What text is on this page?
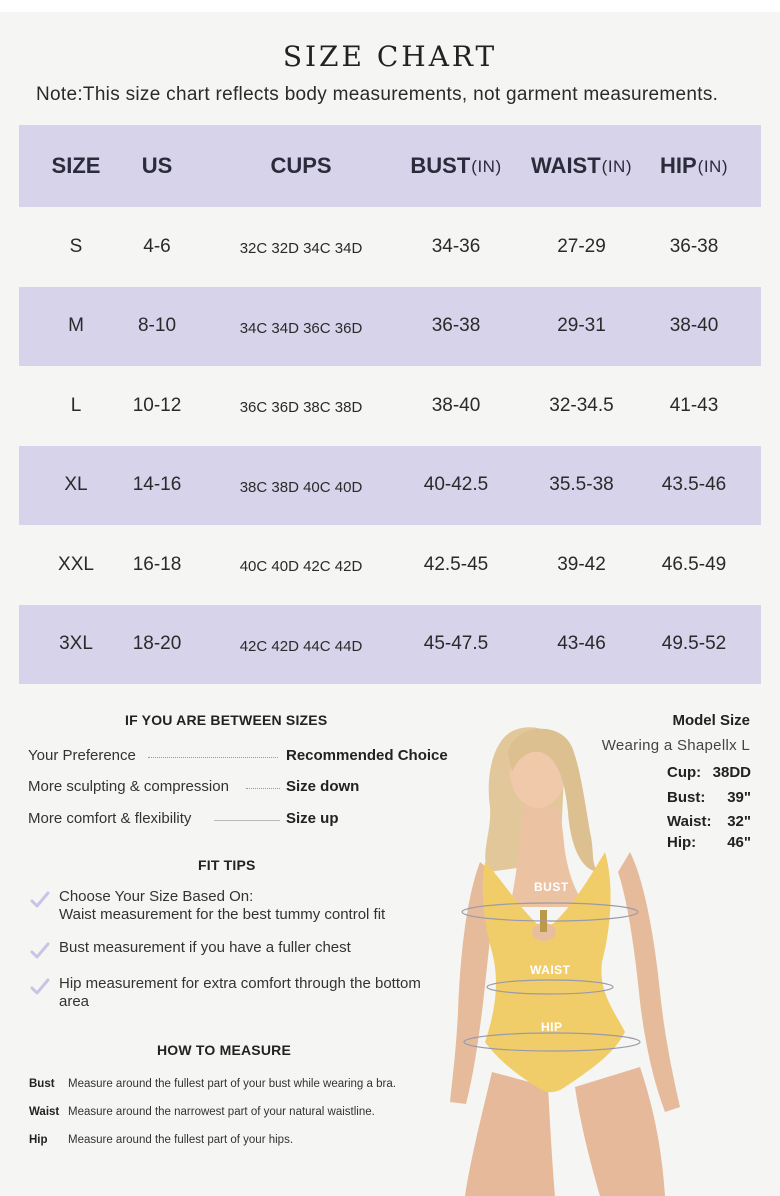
SIZE CHART
Note:This size chart reflects body measurements, not garment measurements.
SIZE US	CUPS	BUST (IN) WAIST (IN) HIP (IN)
S	4-6	32C 32D 34C 34D	34-36	27-29	36-38
M	8-10	34C 34D 36C 36D	36-38	29-31	38-40
L	10-12	36C 36D 38C 38D	38-40	32-34.5	41-43
XL	14-16	38C 38D 40C 40D	40-42.5	35.5-38	43.5-46
XXL	16-18	40C 40D 42C 42D	42.5-45	39-42	46.5-49
3XL	18-20	42C 42D 44C 44D	45-47.5	43-46	49.5-52
IF YOU ARE BETWEEN SIZES
Your Preference	Recommended Choice
More sculpting & compression	Size down
More comfort & flexibility	Size up
FIT TIPS
Choose Your Size Based On:
Waist measurement for the best tummy control fit
Bust measurement if you have a fuller chest
Hip measurement for extra comfort through the bottom area
HOW TO MEASURE
Bust Measure around the fullest part of your bust while wearing a bra.
Waist Measure around the narrowest part of your natural waistline.
Hip Measure around the fullest part of your hips.
BUST
WAIST
HIP
Model Size
Wearing a Shapellx L
Cup: 38DD
Bust: 39"
Waist: 32"
Hip: 46"
